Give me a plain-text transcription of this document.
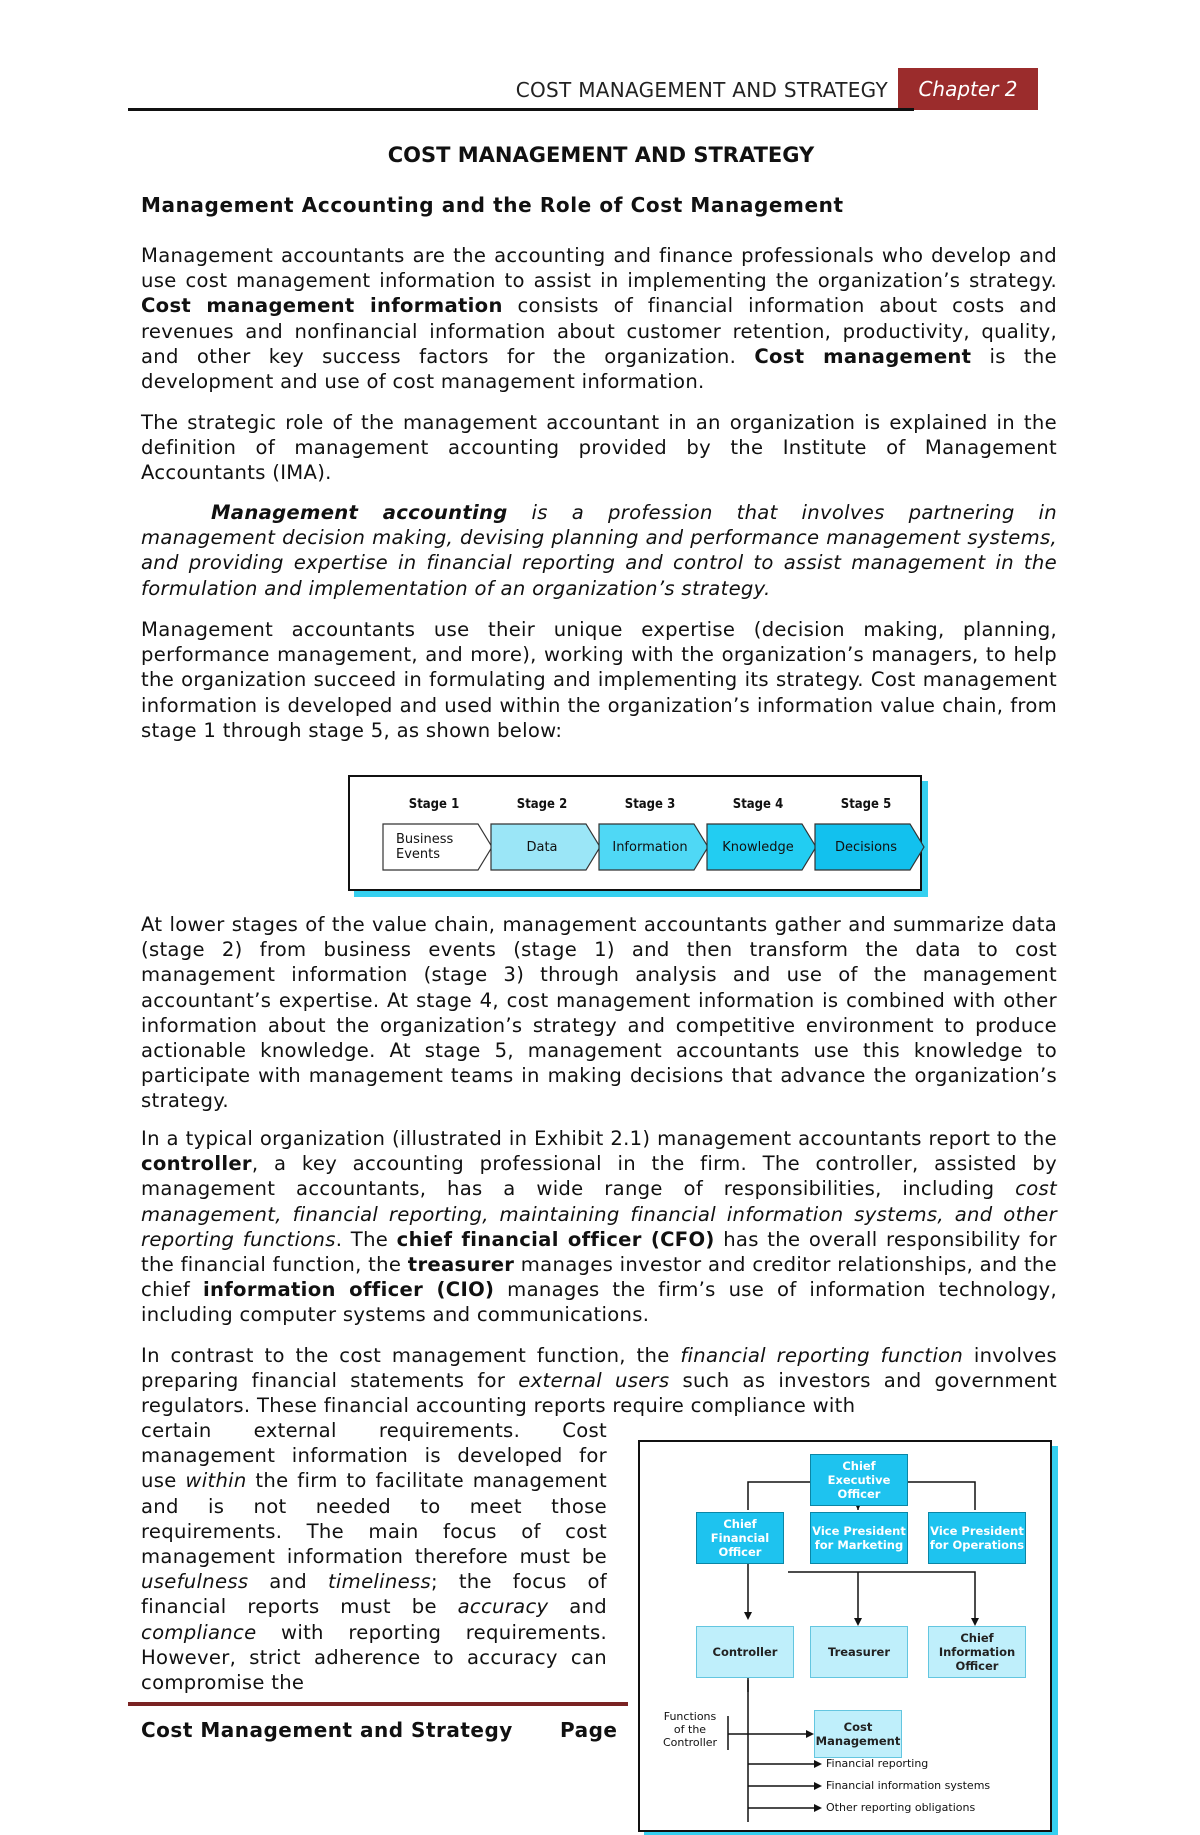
COST MANAGEMENT AND STRATEGY	Chapter 2
COST MANAGEMENT AND STRATEGY
Management Accounting and the Role of Cost Management

Management accountants are the accounting and finance professionals who develop and use cost management information to assist in implementing the organization’s strategy. Cost management information consists of financial information about costs and revenues and nonfinancial information about customer retention, productivity, quality, and other key success factors for the organization. Cost management is the development and use of cost management information.

The strategic role of the management accountant in an organization is explained in the definition of management accounting provided by the Institute of Management Accountants (IMA).

Management accounting is a profession that involves partnering in management decision making, devising planning and performance management systems, and providing expertise in financial reporting and control to assist management in the formulation and implementation of an organization’s strategy.

Management accountants use their unique expertise (decision making, planning, performance management, and more), working with the organization’s managers, to help the organization succeed in formulating and implementing its strategy. Cost management information is developed and used within the organization’s information value chain, from stage 1 through stage 5, as shown below:

Stage 1
Business Events
Stage 2
Data
Stage 3
Information
Stage 4
Knowledge
Stage 5
Decisions

At lower stages of the value chain, management accountants gather and summarize data (stage 2) from business events (stage 1) and then transform the data to cost management information (stage 3) through analysis and use of the management accountant’s expertise. At stage 4, cost management information is combined with other information about the organization’s strategy and competitive environment to produce actionable knowledge. At stage 5, management accountants use this knowledge to participate with management teams in making decisions that advance the organization’s strategy.

In a typical organization (illustrated in Exhibit 2.1) management accountants report to the controller, a key accounting professional in the firm. The controller, assisted by management accountants, has a wide range of responsibilities, including cost management, financial reporting, maintaining financial information systems, and other reporting functions. The chief financial officer (CFO) has the overall responsibility for the financial function, the treasurer manages investor and creditor relationships, and the chief information officer (CIO) manages the firm’s use of information technology, including computer systems and communications.

In contrast to the cost management function, the financial reporting function involves preparing financial statements for external users such as investors and government regulators. These financial accounting reports require compliance with

certain external requirements. Cost management information is developed for use within the firm to facilitate management and is not needed to meet those requirements. The main focus of cost management information therefore must be usefulness and timeliness; the focus of financial reports must be accuracy and compliance with reporting requirements. However, strict adherence to accuracy can compromise the

Chief Executive Officer
Chief Financial Officer
Vice President for Marketing
Vice President for Operations
Controller	Treasurer
Chief Information Officer
Functions of the Controller
Cost Management
Financial reporting
Financial information systems
Other reporting obligations
Cost Management and Strategy Page
